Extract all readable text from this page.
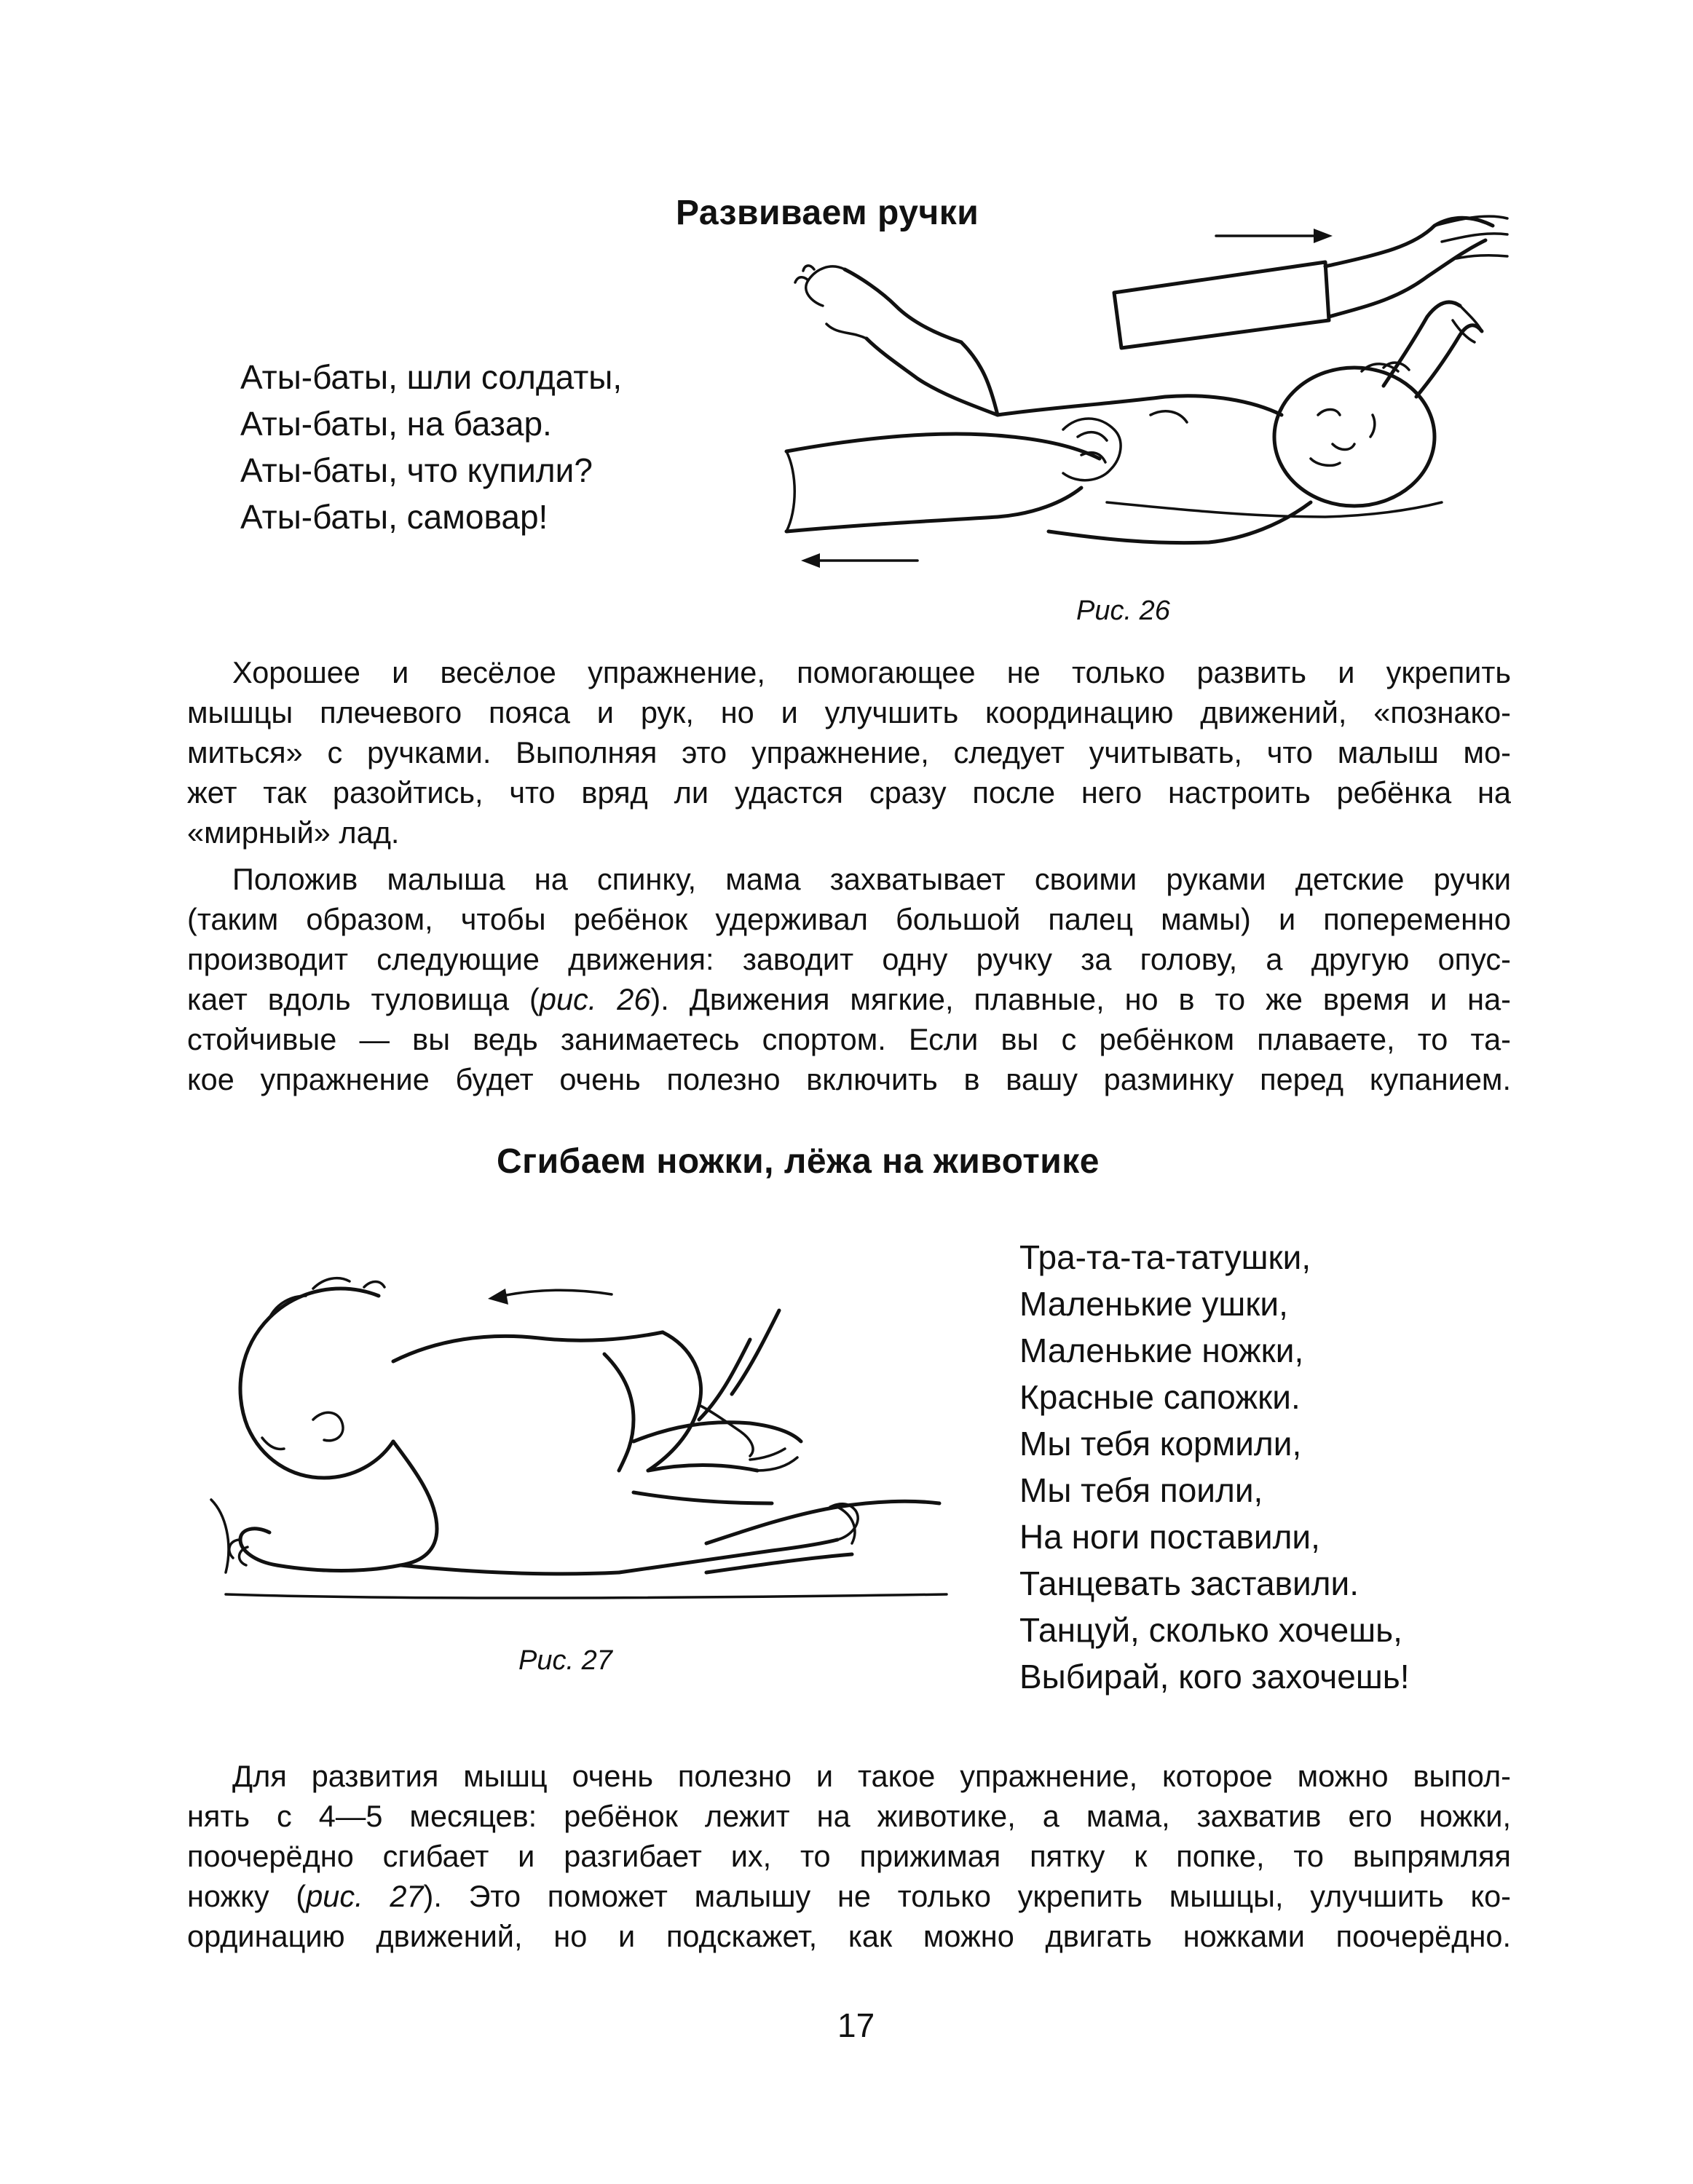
Развиваем ручки
Аты-баты, шли солдаты,
Аты-баты, на базар.
Аты-баты, что купили?
Аты-баты, самовар!
Рис. 26
Хорошее и весёлое упражнение, помогающее не только развить и укрепить
мышцы плечевого пояса и рук, но и улучшить координацию движений, «познако-
миться» с ручками. Выполняя это упражнение, следует учитывать, что малыш мо-
жет так разойтись, что вряд ли удастся сразу после него настроить ребёнка на
«мирный» лад.
Положив малыша на спинку, мама захватывает своими руками детские ручки
(таким образом, чтобы ребёнок удерживал большой палец мамы) и попеременно
производит следующие движения: заводит одну ручку за голову, а другую опус-
кает вдоль туловища (рис. 26). Движения мягкие, плавные, но в то же время и на-
стойчивые — вы ведь занимаетесь спортом. Если вы с ребёнком плаваете, то та-
кое упражнение будет очень полезно включить в вашу разминку перед купанием.
Сгибаем ножки, лёжа на животике
Рис. 27
Тра-та-та-татушки,
Маленькие ушки,
Маленькие ножки,
Красные сапожки.
Мы тебя кормили,
Мы тебя поили,
На ноги поставили,
Танцевать заставили.
Танцуй, сколько хочешь,
Выбирай, кого захочешь!
Для развития мышц очень полезно и такое упражнение, которое можно выпол-
нять с 4—5 месяцев: ребёнок лежит на животике, а мама, захватив его ножки,
поочерёдно сгибает и разгибает их, то прижимая пятку к попке, то выпрямляя
ножку (рис. 27). Это поможет малышу не только укрепить мышцы, улучшить ко-
ординацию движений, но и подскажет, как можно двигать ножками поочерёдно.
17
